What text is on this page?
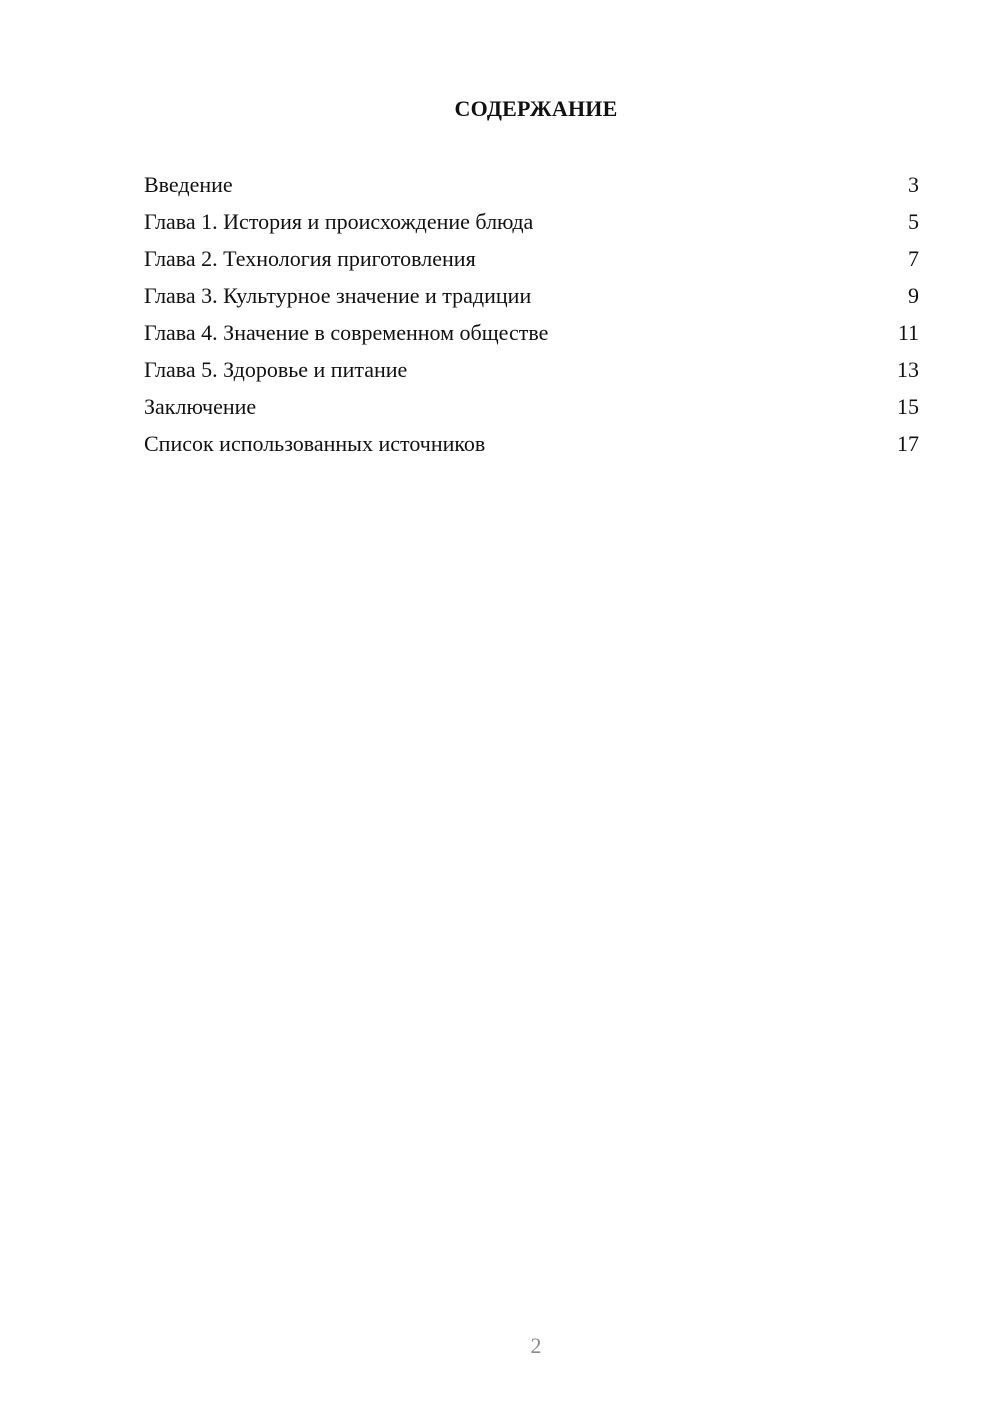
СОДЕРЖАНИЕ
Введение	3
Глава 1. История и происхождение блюда	5
Глава 2. Технология приготовления	7
Глава 3. Культурное значение и традиции	9
Глава 4. Значение в современном обществе	11
Глава 5. Здоровье и питание	13
Заключение	15
Список использованных источников	17
2
